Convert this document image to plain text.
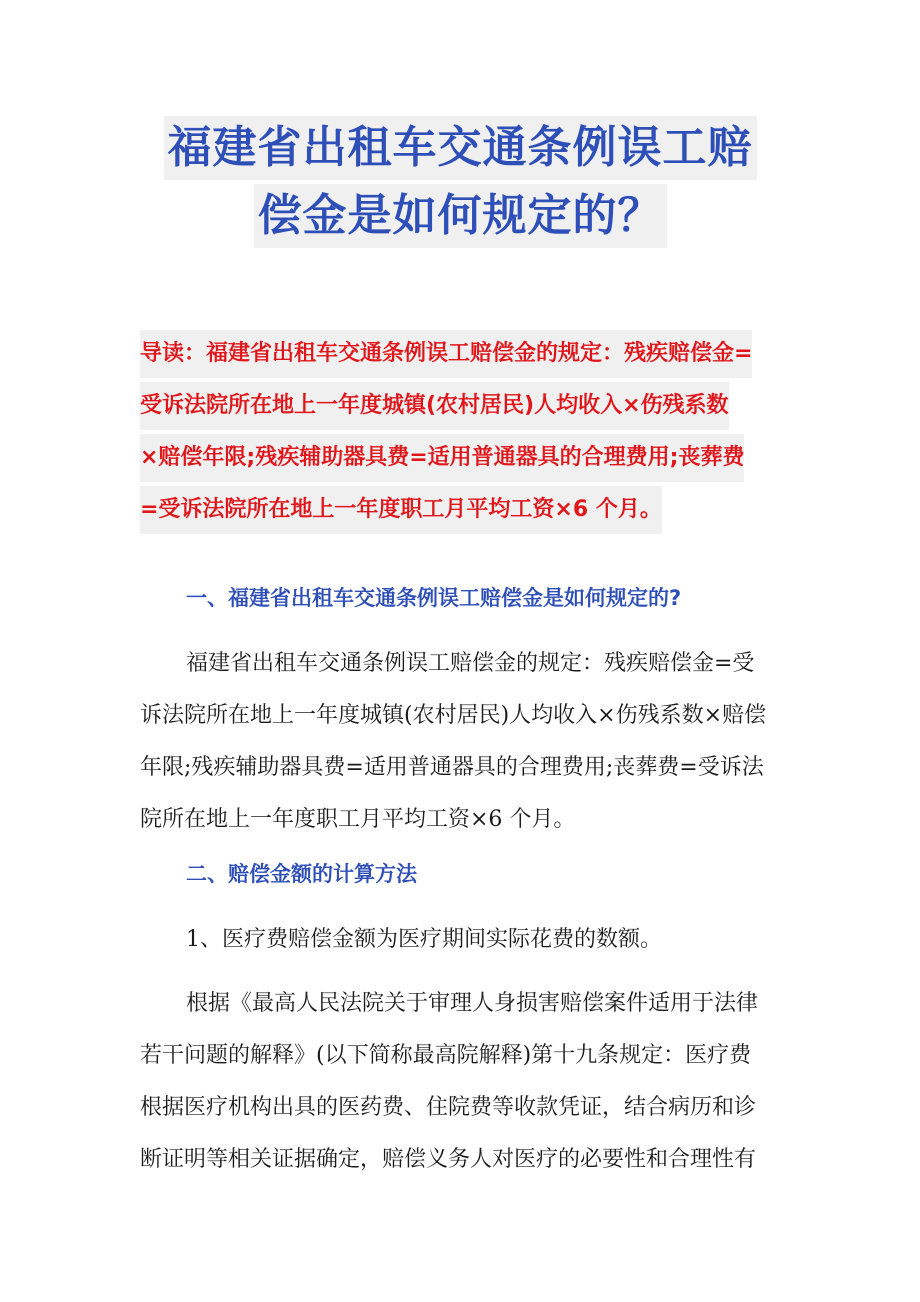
福建省出租车交通条例误工赔
偿金是如何规定的？
导读：福建省出租车交通条例误工赔偿金的规定：残疾赔偿金=
受诉法院所在地上一年度城镇(农村居民)人均收入×伤残系数
×赔偿年限;残疾辅助器具费=适用普通器具的合理费用;丧葬费
=受诉法院所在地上一年度职工月平均工资×6 个月。
一、福建省出租车交通条例误工赔偿金是如何规定的?
福建省出租车交通条例误工赔偿金的规定：残疾赔偿金=受
诉法院所在地上一年度城镇(农村居民)人均收入×伤残系数×赔偿
年限;残疾辅助器具费=适用普通器具的合理费用;丧葬费=受诉法
院所在地上一年度职工月平均工资×6 个月。
二、赔偿金额的计算方法
1、医疗费赔偿金额为医疗期间实际花费的数额。
根据《最高人民法院关于审理人身损害赔偿案件适用于法律
若干问题的解释》(以下简称最高院解释)第十九条规定：医疗费
根据医疗机构出具的医药费、住院费等收款凭证，结合病历和诊
断证明等相关证据确定，赔偿义务人对医疗的必要性和合理性有
